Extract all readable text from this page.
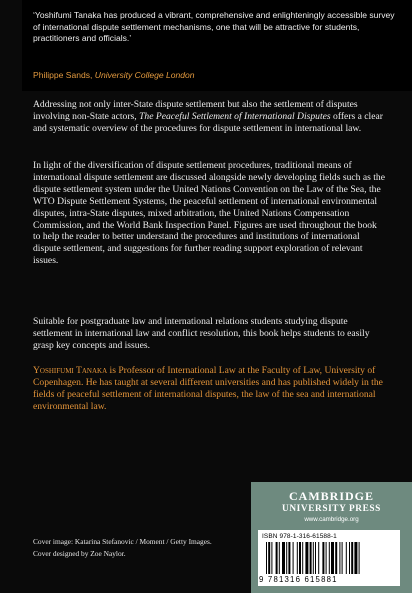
‘Yoshifumi Tanaka has produced a vibrant, comprehensive and enlighteningly accessible survey of international dispute settlement mechanisms, one that will be attractive for students, practitioners and officials.’

Philippe Sands, University College London

Addressing not only inter-State dispute settlement but also the settlement of disputes involving non-State actors, The Peaceful Settlement of International Disputes offers a clear and systematic overview of the procedures for dispute settlement in international law.

In light of the diversification of dispute settlement procedures, traditional means of international dispute settlement are discussed alongside newly developing fields such as the dispute settlement system under the United Nations Convention on the Law of the Sea, the WTO Dispute Settlement Systems, the peaceful settlement of international environmental disputes, intra-State disputes, mixed arbitration, the United Nations Compensation Commission, and the World Bank Inspection Panel. Figures are used throughout the book to help the reader to better understand the procedures and institutions of international dispute settlement, and suggestions for further reading support exploration of relevant issues.

Suitable for postgraduate law and international relations students studying dispute settlement in international law and conflict resolution, this book helps students to easily grasp key concepts and issues.

Yoshifumi Tanaka is Professor of International Law at the Faculty of Law, University of Copenhagen. He has taught at several different universities and has published widely in the fields of peaceful settlement of international disputes, the law of the sea and international environmental law.

Cover image: Katarina Stefanovic / Moment / Getty Images.
Cover designed by Zoe Naylor.
CAMBRIDGE
UNIVERSITY PRESS
www.cambridge.org
ISBN 978-1-316-61588-1
9 781316 615881
